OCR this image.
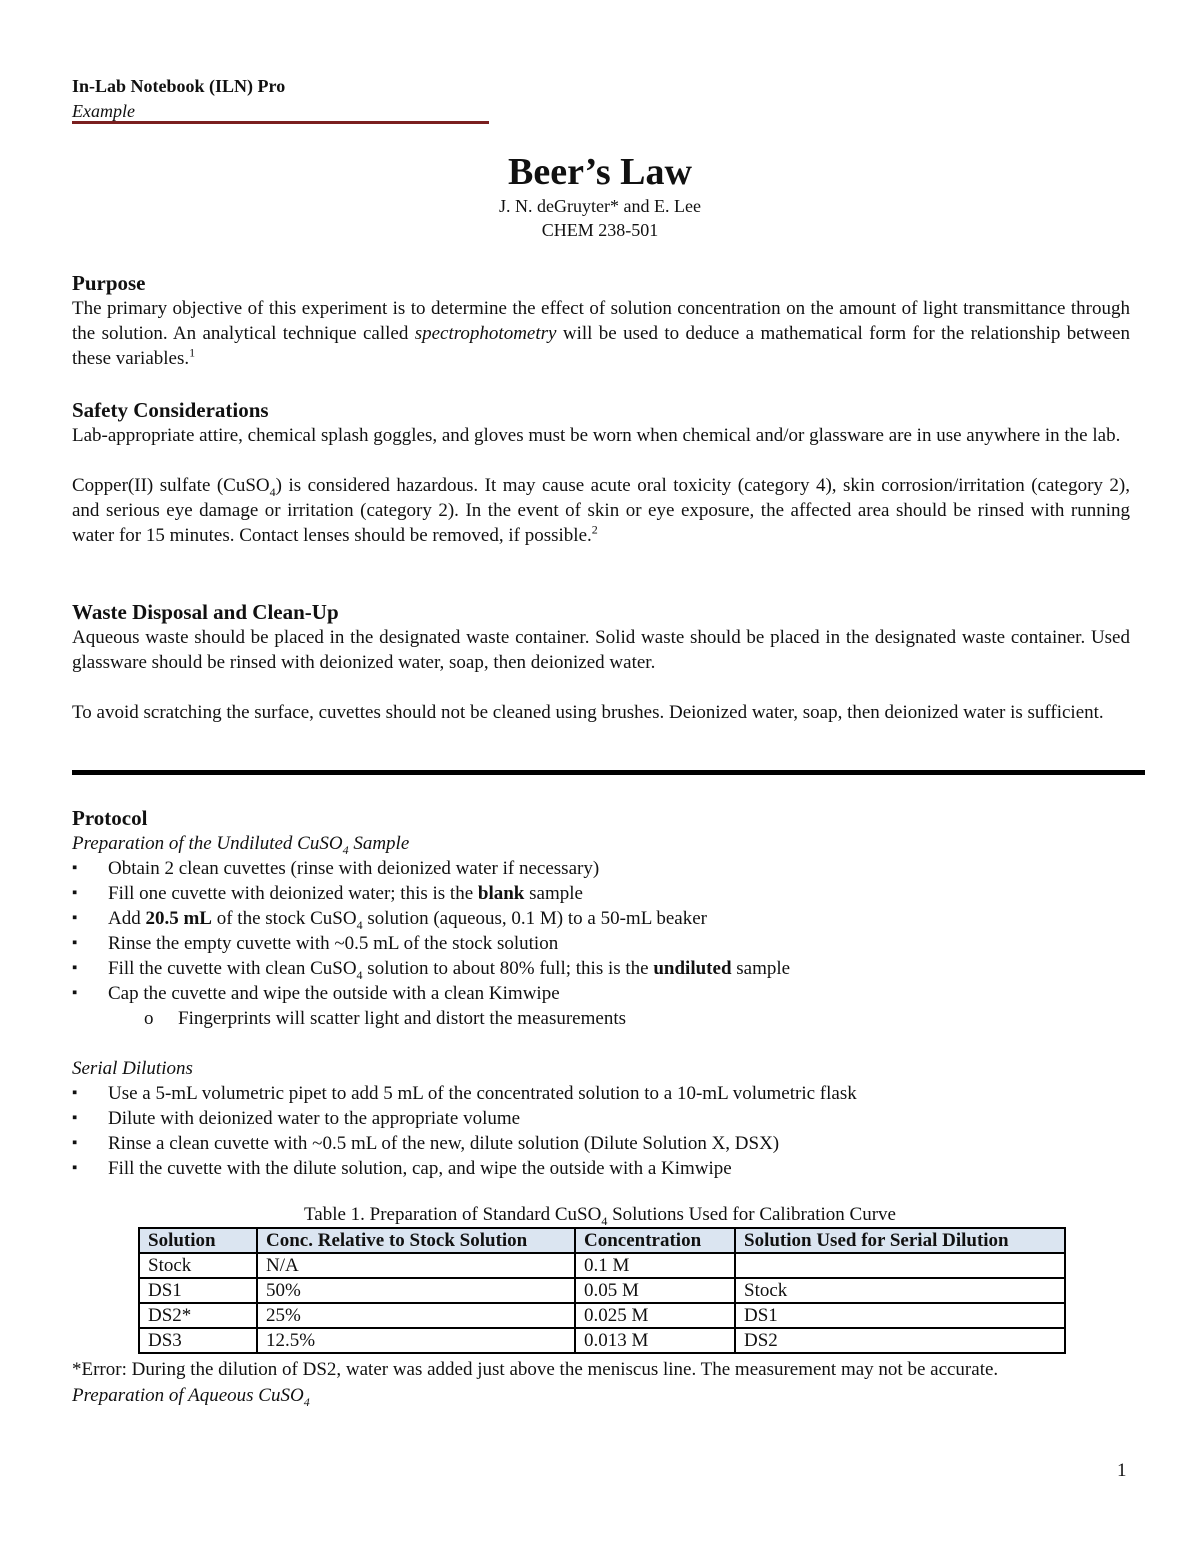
In-Lab Notebook (ILN) Pro
Example
Beer’s Law
J. N. deGruyter* and E. Lee
CHEM 238-501
Purpose
The primary objective of this experiment is to determine the effect of solution concentration on the amount of light transmittance through the solution. An analytical technique called spectrophotometry will be used to deduce a mathematical form for the relationship between these variables.$^1$
Safety Considerations
Lab-appropriate attire, chemical splash goggles, and gloves must be worn when chemical and/or glassware are in use anywhere in the lab.
Copper(II) sulfate (CuSO$_4$) is considered hazardous. It may cause acute oral toxicity (category 4), skin corrosion/irritation (category 2), and serious eye damage or irritation (category 2). In the event of skin or eye exposure, the affected area should be rinsed with running water for 15 minutes. Contact lenses should be removed, if possible.$^2$
Waste Disposal and Clean-Up
Aqueous waste should be placed in the designated waste container. Solid waste should be placed in the designated waste container. Used glassware should be rinsed with deionized water, soap, then deionized water.
To avoid scratching the surface, cuvettes should not be cleaned using brushes. Deionized water, soap, then deionized water is sufficient.
Protocol
Preparation of the Undiluted CuSO$_4$ Sample
▪ Obtain 2 clean cuvettes (rinse with deionized water if necessary)
▪ Fill one cuvette with deionized water; this is the blank sample
▪ Add 20.5 mL of the stock CuSO$_4$ solution (aqueous, 0.1 M) to a 50-mL beaker
▪ Rinse the empty cuvette with ~0.5 mL of the stock solution
▪ Fill the cuvette with clean CuSO$_4$ solution to about 80% full; this is the undiluted sample
▪ Cap the cuvette and wipe the outside with a clean Kimwipe
o Fingerprints will scatter light and distort the measurements
Serial Dilutions
▪ Use a 5-mL volumetric pipet to add 5 mL of the concentrated solution to a 10-mL volumetric flask
▪ Dilute with deionized water to the appropriate volume
▪ Rinse a clean cuvette with ~0.5 mL of the new, dilute solution (Dilute Solution X, DSX)
▪ Fill the cuvette with the dilute solution, cap, and wipe the outside with a Kimwipe
Table 1. Preparation of Standard CuSO$_4$ Solutions Used for Calibration Curve
Solution	Conc. Relative to Stock Solution	Concentration	Solution Used for Serial Dilution
Stock	N/A	0.1 M	
DS1	50%	0.05 M	Stock
DS2*	25%	0.025 M	DS1
DS3	12.5%	0.013 M	DS2
*Error: During the dilution of DS2, water was added just above the meniscus line. The measurement may not be accurate.
Preparation of Aqueous CuSO$_4$
1
